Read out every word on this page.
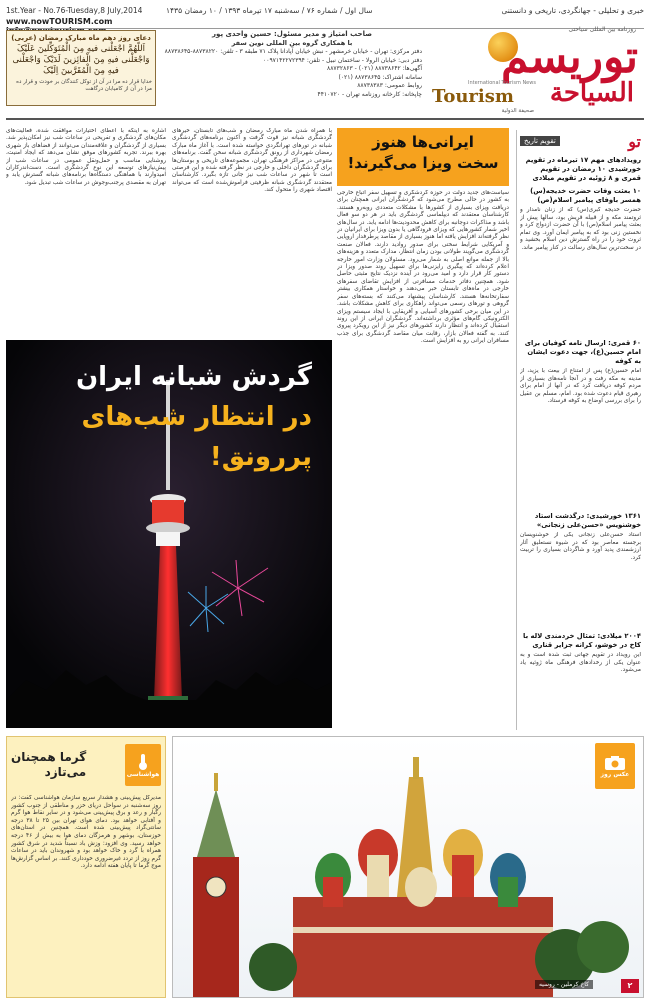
1st.Year - No.76-Tuesday,8 July,2014	سال اول / شماره ۷۶ / سه‌شنبه ۱۷ تیرماه ۱۳۹۳ / ۱۰ رمضان ۱۴۳۵	خبری و تحلیلی - جهانگردی، تاریخی و دانستنی
www.nowTOURISM.com
دعای روز دهم ماه مبارک رمضان (عربی)
اَللّهُمَّ اجْعَلْنی فیهِ مِنَ الْمُتَوَکِّلینَ عَلَیْکَ وَاجْعَلْنی فیهِ مِنَ الْفائِزینَ لَدَیْکَ وَاجْعَلْنی فیهِ مِنَ الْمُقَرَّبینَ اِلَیْکَ
خدایا قرار ده مرا در آن از توکل کنندگان بر خودت و قرار ده مرا در آن از کامیابان درگاهت
صاحب امتیاز و مدیر مسئول: حسین واحدی پور
با همکاری گروه بین المللی نوین سفر
دفتر مرکزی: تهران - خیابان خرمشهر - نبش خیابان آپادانا پلاک ۷۱ طبقه ۳ - تلفن: ۸۸۷۳۸۲۲۰-۸۸۷۳۸۶۴۵
دفتر دبی: خیابان الرولا - ساختمان نبیل - تلفن: ۰۰۹۷۱۴۲۲۷۲۳۹۴
آگهی‌ها: ۸۸۷۳۸۶۴۲ (۰۲۱) - ۸۸۷۳۲۸۶۳
سامانه اشتراک: ۸۸۷۳۸۶۴۵ (۰۲۱)
روابط عمومی: ۸۸۷۳۸۳۸۳
چاپخانه: کارخانه روزنامه تهران - ۴۴۱۰۷۲۰
روزنامه بین المللی سیاحتی
توریسم
International Tourism News
Tourism السياحة
صحیفة الدولیة
تو
تقویم تاریخ
رویدادهای مهم ۱۷ تیرماه در تقویم خورشیدی ۱۰ رمضان در تقویم قمری و ۸ ژوئیه در تقویم میلادی
۱۰ بعثت وفات حضرت خدیجه(س) همسر باوفای پیامبر اسلام(ص)
حضرت خدیجه کبری(س) که از زنان نامدار و ثروتمند مکه و از قبیله قریش بود، سالها پیش از بعثت پیامبر اسلام(ص) با آن حضرت ازدواج کرد و نخستین زنی بود که به پیامبر ایمان آورد. وی تمام ثروت خود را در راه گسترش دین اسلام بخشید و در سخت‌ترین سال‌های رسالت در کنار پیامبر ماند.
۶۰ قمری: ارسال نامه کوفیان برای امام حسین(ع)، جهت دعوت ایشان به کوفه
امام حسین(ع) پس از امتناع از بیعت با یزید، از مدینه به مکه رفت و در آنجا نامه‌های بسیاری از مردم کوفه دریافت کرد که در آنها از امام برای رهبری قیام دعوت شده بود. امام، مسلم بن عقیل را برای بررسی اوضاع به کوفه فرستاد.
۱۳۶۱ خورشیدی: درگذشت استاد خوشنویس «حسن‌علی زنجانی»
استاد حسن‌علی زنجانی یکی از خوشنویسان برجسته معاصر بود که در شیوه نستعلیق آثار ارزشمندی پدید آورد و شاگردان بسیاری را تربیت کرد.
۲۰۰۴ میلادی: تمثال خردمندی لاله با کاخ در خوشو، کرانه جزایر قناری
این رویداد در تقویم جهانی ثبت شده است و به عنوان یکی از رخدادهای فرهنگی ماه ژوئیه یاد می‌شود.
ایرانی‌ها هنوز
سخت ویزا می‌گیرند!
سیاست‌های جدید دولت در حوزه گردشگری و تسهیل سفر اتباع خارجی به کشور در حالی مطرح می‌شود که گردشگران ایرانی همچنان برای دریافت ویزای بسیاری از کشورها با مشکلات متعددی روبه‌رو هستند. کارشناسان معتقدند که دیپلماسی گردشگری باید در هر دو سو فعال باشد و مذاکرات دوجانبه برای کاهش محدودیت‌ها ادامه یابد. در سال‌های اخیر شمار کشورهایی که ویزای فرودگاهی یا بدون ویزا برای ایرانیان در نظر گرفته‌اند افزایش یافته اما هنوز بسیاری از مقاصد پرطرفدار اروپایی و آمریکایی شرایط سختی برای صدور روادید دارند. فعالان صنعت گردشگری می‌گویند طولانی بودن زمان انتظار، مدارک متعدد و هزینه‌های بالا از جمله موانع اصلی به شمار می‌رود. مسئولان وزارت امور خارجه اعلام کرده‌اند که پیگیری رایزنی‌ها برای تسهیل روند صدور ویزا در دستور کار قرار دارد و امید می‌رود در آینده نزدیک نتایج مثبتی حاصل شود. همچنین دفاتر خدمات مسافرتی از افزایش تقاضای سفرهای خارجی در ماه‌های تابستان خبر می‌دهند و خواستار همکاری بیشتر سفارتخانه‌ها هستند. کارشناسان پیشنهاد می‌کنند که بسته‌های سفر گروهی و تورهای رسمی می‌تواند راهکاری برای کاهش مشکلات باشد. در این میان برخی کشورهای آسیایی و آفریقایی با ایجاد سیستم ویزای الکترونیکی گام‌های مؤثری برداشته‌اند. گردشگران ایرانی از این روند استقبال کرده‌اند و انتظار دارند کشورهای دیگر نیز از این رویکرد پیروی کنند. به گفته فعالان بازار، رقابت میان مقاصد گردشگری برای جذب مسافران ایرانی رو به افزایش است.
با همراه شدن ماه مبارک رمضان و شب‌های تابستان، خیرهای گردشگری شبانه نیز قوت گرفت و اکنون برنامه‌های گردشگری شبانه در تورهای تهرانگردی خواسته شده است. با آغاز ماه مبارک رمضان شهرداری از رونق گردشگری شبانه سخن گفت. برنامه‌های متنوعی در مراکز فرهنگی تهران، مجموعه‌های تاریخی و بوستان‌ها برای گردشگران داخلی و خارجی در نظر گرفته شده و این فرصتی است تا شهر در ساعات شب نیز جانی تازه بگیرد. کارشناسان معتقدند گردشگری شبانه ظرفیتی فراموش‌شده است که می‌تواند اقتصاد شهری را متحول کند.
اشاره به اینکه با اعطای اختیارات موافقت شده، فعالیت‌های مکان‌های گردشگری و تفریحی در ساعات شب نیز امکان‌پذیر شد. بسیاری از گردشگران و علاقه‌مندان می‌توانند از فضاهای باز شهری بهره ببرند. تجربه کشورهای موفق نشان می‌دهد که ایجاد امنیت، روشنایی مناسب و حمل‌ونقل عمومی در ساعات شب از پیش‌نیازهای توسعه این نوع گردشگری است. دست‌اندرکاران امیدوارند با هماهنگی دستگاه‌ها برنامه‌های شبانه گسترش یابد و تهران به مقصدی پرجنب‌وجوش در ساعات شب تبدیل شود.
گردش شبانه ایران
در انتظار شب‌های
پررونق!
هواشناسی
گرما همچنان
می‌تازد
مدیرکل پیش‌بینی و هشدار سریع سازمان هواشناسی گفت: در روز سه‌شنبه در سواحل دریای خزر و مناطقی از جنوب کشور رگبار و رعد و برق پیش‌بینی می‌شود و در سایر نقاط هوا گرم و آفتابی خواهد بود. دمای هوای تهران بین ۲۵ تا ۳۸ درجه سانتی‌گراد پیش‌بینی شده است. همچنین در استان‌های خوزستان، بوشهر و هرمزگان دمای هوا به بیش از ۴۶ درجه خواهد رسید. وی افزود: وزش باد نسبتاً شدید در شرق کشور همراه با گرد و خاک خواهد بود و شهروندان باید در ساعات گرم روز از تردد غیرضروری خودداری کنند. بر اساس گزارش‌ها موج گرما تا پایان هفته ادامه دارد.
عکس روز
کاخ کرملین - روسیه	۲
